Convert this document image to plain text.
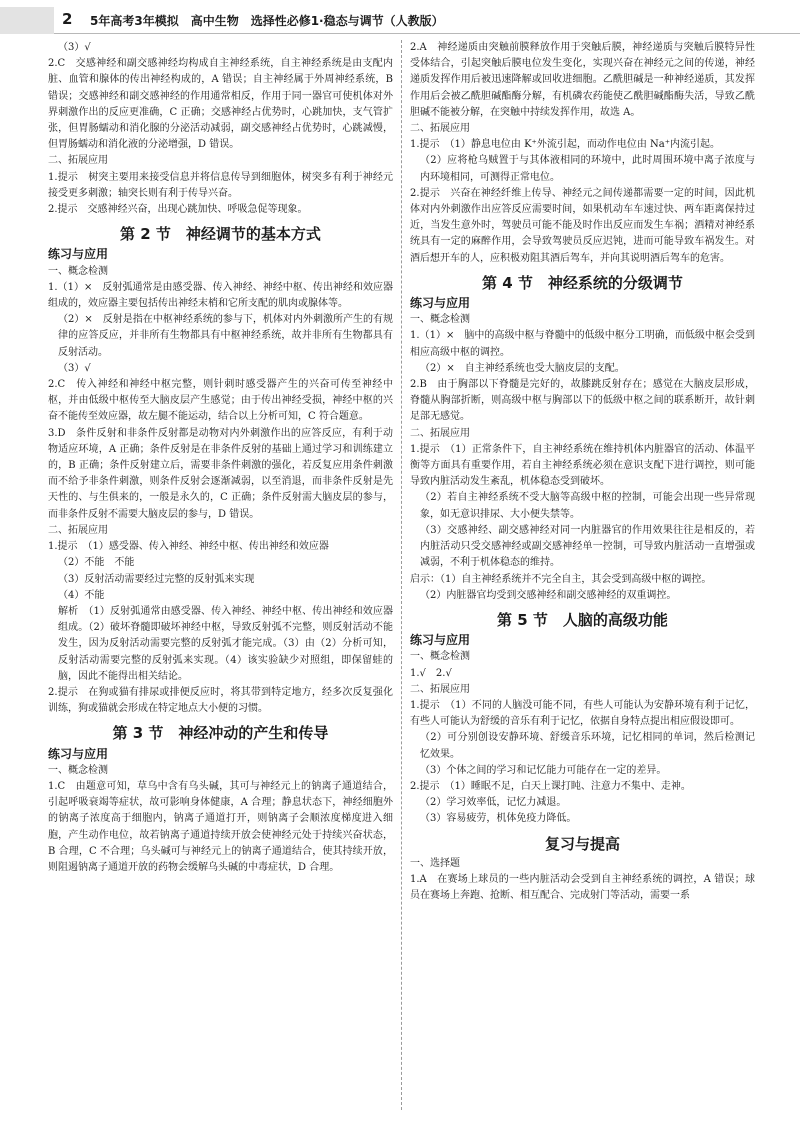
2 5年高考3年模拟　高中生物　选择性必修1·稳态与调节（人教版）

（3）√

2.C　交感神经和副交感神经均构成自主神经系统，自主神经系统是由支配内脏、血管和腺体的传出神经构成的，A 错误；自主神经属于外周神经系统，B 错误；交感神经和副交感神经的作用通常相反，作用于同一器官可使机体对外界刺激作出的反应更准确，C 正确；交感神经占优势时，心跳加快，支气管扩张，但胃肠蠕动和消化腺的分泌活动减弱，副交感神经占优势时，心跳减慢，但胃肠蠕动和消化液的分泌增强，D 错误。

二、拓展应用

1.提示　树突主要用来接受信息并将信息传导到细胞体，树突多有利于神经元接受更多刺激；轴突长则有利于传导兴奋。

2.提示　交感神经兴奋，出现心跳加快、呼吸急促等现象。

第 2 节　神经调节的基本方式
练习与应用

一、概念检测

1.（1）×　反射弧通常是由感受器、传入神经、神经中枢、传出神经和效应器组成的，效应器主要包括传出神经末梢和它所支配的肌肉或腺体等。

（2）×　反射是指在中枢神经系统的参与下，机体对内外刺激所产生的有规律的应答反应，并非所有生物都具有中枢神经系统，故并非所有生物都具有反射活动。

（3）√

2.C　传入神经和神经中枢完整，则针刺时感受器产生的兴奋可传至神经中枢，并由低级中枢传至大脑皮层产生感觉；由于传出神经受损，神经中枢的兴奋不能传至效应器，故左腿不能运动，结合以上分析可知，C 符合题意。

3.D　条件反射和非条件反射都是动物对内外刺激作出的应答反应，有利于动物适应环境，A 正确；条件反射是在非条件反射的基础上通过学习和训练建立的，B 正确；条件反射建立后，需要非条件刺激的强化，若反复应用条件刺激而不给予非条件刺激，则条件反射会逐渐减弱，以至消退，而非条件反射是先天性的、与生俱来的，一般是永久的，C 正确；条件反射需大脑皮层的参与，而非条件反射不需要大脑皮层的参与，D 错误。

二、拓展应用

1.提示　（1）感受器、传入神经、神经中枢、传出神经和效应器

（2）不能　不能

（3）反射活动需要经过完整的反射弧来实现

（4）不能

解析　（1）反射弧通常由感受器、传入神经、神经中枢、传出神经和效应器组成。（2）破坏脊髓即破坏神经中枢，导致反射弧不完整，则反射活动不能发生，因为反射活动需要完整的反射弧才能完成。（3）由（2）分析可知，反射活动需要完整的反射弧来实现。（4）该实验缺少对照组，即保留蛙的脑，因此不能得出相关结论。

2.提示　在狗或猫有排尿或排便反应时，将其带到特定地方，经多次反复强化训练，狗或猫就会形成在特定地点大小便的习惯。

第 3 节　神经冲动的产生和传导
练习与应用

一、概念检测

1.C　由题意可知，草乌中含有乌头碱，其可与神经元上的钠离子通道结合，引起呼吸衰竭等症状，故可影响身体健康，A 合理；静息状态下，神经细胞外的钠离子浓度高于细胞内，钠离子通道打开，则钠离子会顺浓度梯度进入细胞，产生动作电位，故若钠离子通道持续开放会使神经元处于持续兴奋状态，B 合理，C 不合理；乌头碱可与神经元上的钠离子通道结合，使其持续开放，则阻遏钠离子通道开放的药物会缓解乌头碱的中毒症状，D 合理。

2.A　神经递质由突触前膜释放作用于突触后膜，神经递质与突触后膜特异性受体结合，引起突触后膜电位发生变化，实现兴奋在神经元之间的传递，神经递质发挥作用后被迅速降解或回收进细胞。乙酰胆碱是一种神经递质，其发挥作用后会被乙酰胆碱酯酶分解，有机磷农药能使乙酰胆碱酯酶失活，导致乙酰胆碱不能被分解，在突触中持续发挥作用，故选 A。

二、拓展应用

1.提示　（1）静息电位由 K⁺外流引起，而动作电位由 Na⁺内流引起。

（2）应将枪乌贼置于与其体液相同的环境中，此时周围环境中离子浓度与内环境相同，可测得正常电位。

2.提示　兴奋在神经纤维上传导、神经元之间传递都需要一定的时间，因此机体对内外刺激作出应答反应需要时间，如果机动车车速过快、两车距离保持过近，当发生意外时，驾驶员可能不能及时作出反应而发生车祸；酒精对神经系统具有一定的麻醉作用，会导致驾驶员反应迟钝，进而可能导致车祸发生。对酒后想开车的人，应积极劝阻其酒后驾车，并向其说明酒后驾车的危害。

第 4 节　神经系统的分级调节
练习与应用

一、概念检测

1.（1）×　脑中的高级中枢与脊髓中的低级中枢分工明确，而低级中枢会受到相应高级中枢的调控。

（2）×　自主神经系统也受大脑皮层的支配。

2.B　由于胸部以下脊髓是完好的，故膝跳反射存在；感觉在大脑皮层形成，脊髓从胸部折断，则高级中枢与胸部以下的低级中枢之间的联系断开，故针刺足部无感觉。

二、拓展应用

1.提示　（1）正常条件下，自主神经系统在维持机体内脏器官的活动、体温平衡等方面具有重要作用，若自主神经系统必须在意识支配下进行调控，则可能导致内脏活动发生紊乱，机体稳态受到破坏。

（2）若自主神经系统不受大脑等高级中枢的控制，可能会出现一些异常现象，如无意识排尿、大小便失禁等。

（3）交感神经、副交感神经对同一内脏器官的作用效果往往是相反的，若内脏活动只受交感神经或副交感神经单一控制，可导致内脏活动一直增强或减弱，不利于机体稳态的维持。

启示：（1）自主神经系统并不完全自主，其会受到高级中枢的调控。

（2）内脏器官均受到交感神经和副交感神经的双重调控。

第 5 节　人脑的高级功能
练习与应用

一、概念检测

1.√　2.√

二、拓展应用

1.提示　（1）不同的人脑没可能不同，有些人可能认为安静环境有利于记忆，有些人可能认为舒缓的音乐有利于记忆，依据自身特点提出相应假设即可。

（2）可分别创设安静环境、舒缓音乐环境，记忆相同的单词，然后检测记忆效果。

（3）个体之间的学习和记忆能力可能存在一定的差异。

2.提示　（1）睡眠不足，白天上课打盹、注意力不集中、走神。

（2）学习效率低，记忆力减退。

（3）容易疲劳，机体免疫力降低。

复习与提高

一、选择题

1.A　在赛场上球员的一些内脏活动会受到自主神经系统的调控，A 错误；球员在赛场上奔跑、抢断、相互配合、完成射门等活动，需要一系
